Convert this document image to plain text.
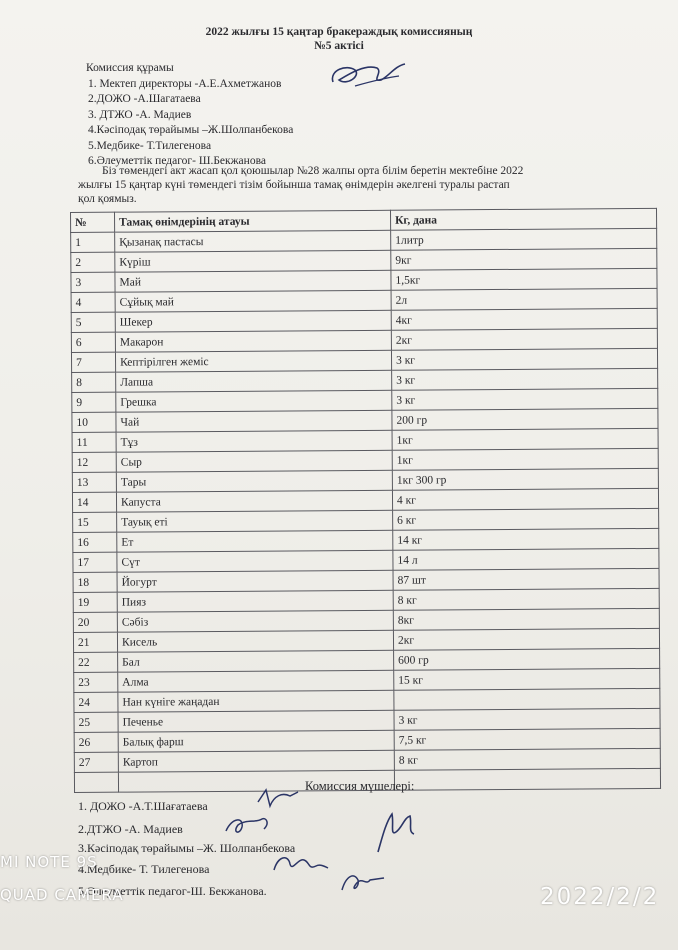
2022 жылғы 15 қаңтар бракераждық комиссияның
№5 актісі
Комиссия құрамы
1. Мектеп директоры -А.Е.Ахметжанов
2.ДОЖО -А.Шагатаева
3. ДТЖО -А. Мадиев
4.Кәсіподақ төрайымы –Ж.Шолпанбекова
5.Медбике- Т.Тилегенова
6.Әлеуметтік педагог- Ш.Бекжанова
Біз төмендегі акт жасап қол қоюшылар №28 жалпы орта білім беретін мектебіне 2022
жылғы 15 қаңтар күні төмендегі тізім бойынша тамақ өнімдерін әкелгені туралы растап
қол қоямыз.
№	Тамақ өнімдерінің атауы	Кг, дана
1	Қызанақ пастасы	1литр
2	Күріш	9кг
3	Май	1,5кг
4	Сұйық май	2л
5	Шекер	4кг
6	Макарон	2кг
7	Кептірілген жеміс	3 кг
8	Лапша	3 кг
9	Грешка	3 кг
10	Чай	200 гр
11	Тұз	1кг
12	Сыр	1кг
13	Тары	1кг 300 гр
14	Капуста	4 кг
15	Тауық еті	6 кг
16	Ет	14 кг
17	Сүт	14 л
18	Йогурт	87 шт
19	Пияз	8 кг
20	Сәбіз	8кг
21	Кисель	2кг
22	Бал	600 гр
23	Алма	15 кг
24	Нан күніге жаңадан	
25	Печенье	3 кг
26	Балық фарш	7,5 кг
27	Картоп	8 кг

Комиссия мүшелері:
1. ДОЖО -А.Т.Шағатаева
2.ДТЖО -А. Мадиев
3.Кәсіподақ төрайымы –Ж. Шолпанбекова
4.Медбике- Т. Тилегенова
5.Әлеуметтік педагог-Ш. Бекжанова.
MI NOTE 9S
QUAD CAMERA	2022/2/2
